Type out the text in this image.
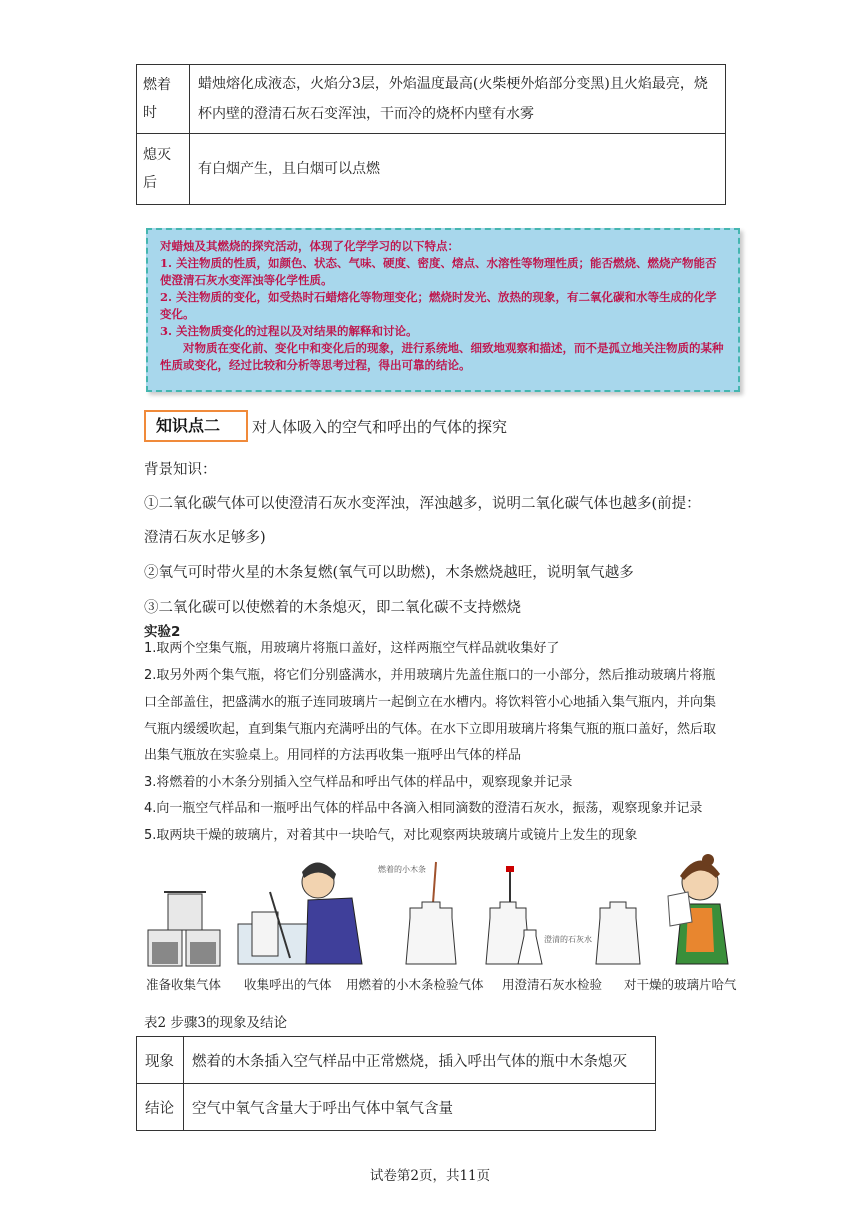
燃着时	蜡烛熔化成液态，火焰分3层，外焰温度最高(火柴梗外焰部分变黑)且火焰最亮，烧杯内壁的澄清石灰石变浑浊，干而冷的烧杯内壁有水雾
熄灭后	有白烟产生，且白烟可以点燃

对蜡烛及其燃烧的探究活动，体现了化学学习的以下特点：

1. 关注物质的性质，如颜色、状态、气味、硬度、密度、熔点、水溶性等物理性质；能否燃烧、燃烧产物能否使澄清石灰水变浑浊等化学性质。

2. 关注物质的变化，如受热时石蜡熔化等物理变化；燃烧时发光、放热的现象，有二氧化碳和水等生成的化学变化。

3. 关注物质变化的过程以及对结果的解释和讨论。

对物质在变化前、变化中和变化后的现象，进行系统地、细致地观察和描述，而不是孤立地关注物质的某种性质或变化，经过比较和分析等思考过程，得出可靠的结论。

知识点二	对人体吸入的空气和呼出的气体的探究
背景知识：
①二氧化碳气体可以使澄清石灰水变浑浊，浑浊越多，说明二氧化碳气体也越多(前提：
澄清石灰水足够多)
②氧气可时带火星的木条复燃(氧气可以助燃)，木条燃烧越旺，说明氧气越多
③二氧化碳可以使燃着的木条熄灭，即二氧化碳不支持燃烧
实验2
1.取两个空集气瓶，用玻璃片将瓶口盖好，这样两瓶空气样品就收集好了
2.取另外两个集气瓶，将它们分别盛满水，并用玻璃片先盖住瓶口的一小部分，然后推动玻璃片将瓶
口全部盖住，把盛满水的瓶子连同玻璃片一起倒立在水槽内。将饮料管小心地插入集气瓶内，并向集
气瓶内缓缓吹起，直到集气瓶内充满呼出的气体。在水下立即用玻璃片将集气瓶的瓶口盖好，然后取
出集气瓶放在实验桌上。用同样的方法再收集一瓶呼出气体的样品
3.将燃着的小木条分别插入空气样品和呼出气体的样品中，观察现象并记录
4.向一瓶空气样品和一瓶呼出气体的样品中各滴入相同滴数的澄清石灰水，振荡，观察现象并记录
5.取两块干燥的玻璃片，对着其中一块哈气，对比观察两块玻璃片或镜片上发生的现象
燃着的小木条
澄清的石灰水
准备收集气体 收集呼出的气体 用燃着的小木条检验气体 用澄清石灰水检验 对干燥的玻璃片哈气
表2 步骤3的现象及结论
现象	燃着的木条插入空气样品中正常燃烧，插入呼出气体的瓶中木条熄灭
结论	空气中氧气含量大于呼出气体中氧气含量
试卷第2页，共11页
